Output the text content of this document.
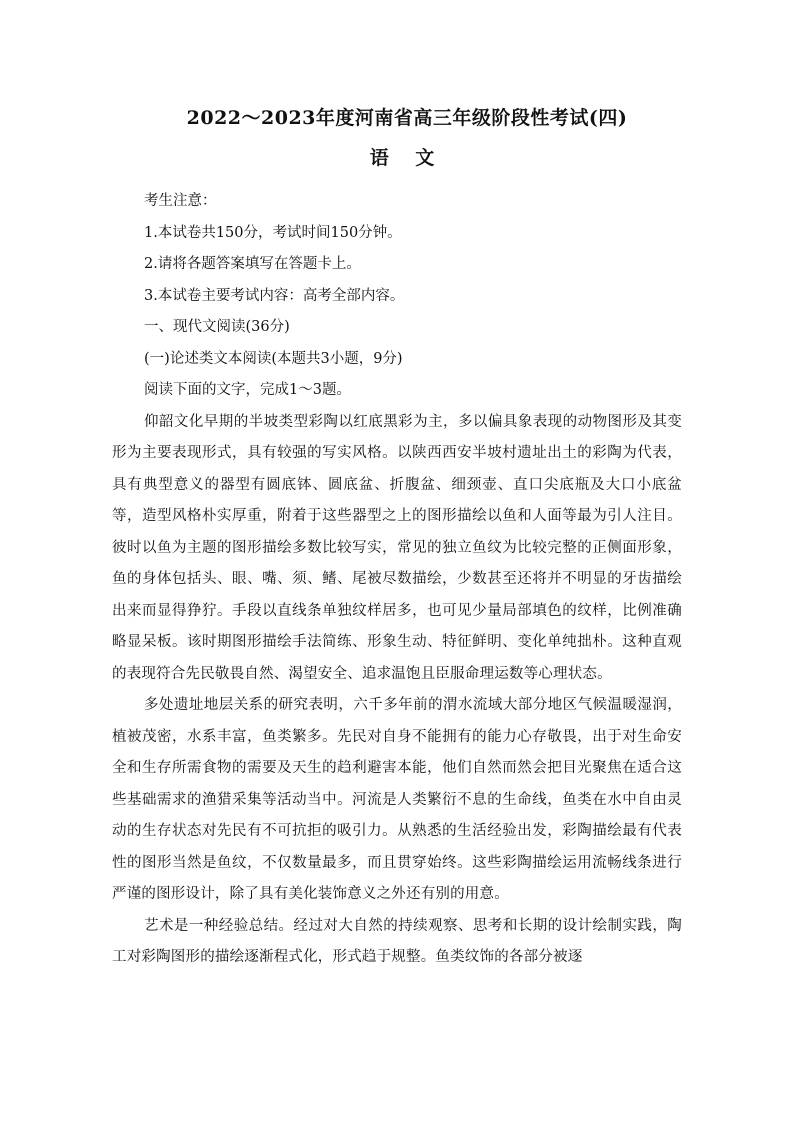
2022～2023年度河南省高三年级阶段性考试(四)
语 文

考生注意：

1.本试卷共150分，考试时间150分钟。

2.请将各题答案填写在答题卡上。

3.本试卷主要考试内容：高考全部内容。

一、现代文阅读(36分)

(一)论述类文本阅读(本题共3小题，9分)

阅读下面的文字，完成1～3题。

仰韶文化早期的半坡类型彩陶以红底黑彩为主，多以偏具象表现的动物图形及其变形为主要表现形式，具有较强的写实风格。以陕西西安半坡村遗址出土的彩陶为代表，具有典型意义的器型有圆底钵、圆底盆、折腹盆、细颈壶、直口尖底瓶及大口小底盆等，造型风格朴实厚重，附着于这些器型之上的图形描绘以鱼和人面等最为引人注目。彼时以鱼为主题的图形描绘多数比较写实，常见的独立鱼纹为比较完整的正侧面形象，鱼的身体包括头、眼、嘴、须、鳍、尾被尽数描绘，少数甚至还将并不明显的牙齿描绘出来而显得狰狞。手段以直线条单独纹样居多，也可见少量局部填色的纹样，比例准确略显呆板。该时期图形描绘手法简练、形象生动、特征鲜明、变化单纯拙朴。这种直观的表现符合先民敬畏自然、渴望安全、追求温饱且臣服命理运数等心理状态。

多处遗址地层关系的研究表明，六千多年前的渭水流域大部分地区气候温暖湿润，植被茂密，水系丰富，鱼类繁多。先民对自身不能拥有的能力心存敬畏，出于对生命安全和生存所需食物的需要及天生的趋利避害本能，他们自然而然会把目光聚焦在适合这些基础需求的渔猎采集等活动当中。河流是人类繁衍不息的生命线，鱼类在水中自由灵动的生存状态对先民有不可抗拒的吸引力。从熟悉的生活经验出发，彩陶描绘最有代表性的图形当然是鱼纹，不仅数量最多，而且贯穿始终。这些彩陶描绘运用流畅线条进行严谨的图形设计，除了具有美化装饰意义之外还有别的用意。

艺术是一种经验总结。经过对大自然的持续观察、思考和长期的设计绘制实践，陶工对彩陶图形的描绘逐渐程式化，形式趋于规整。鱼类纹饰的各部分被逐
